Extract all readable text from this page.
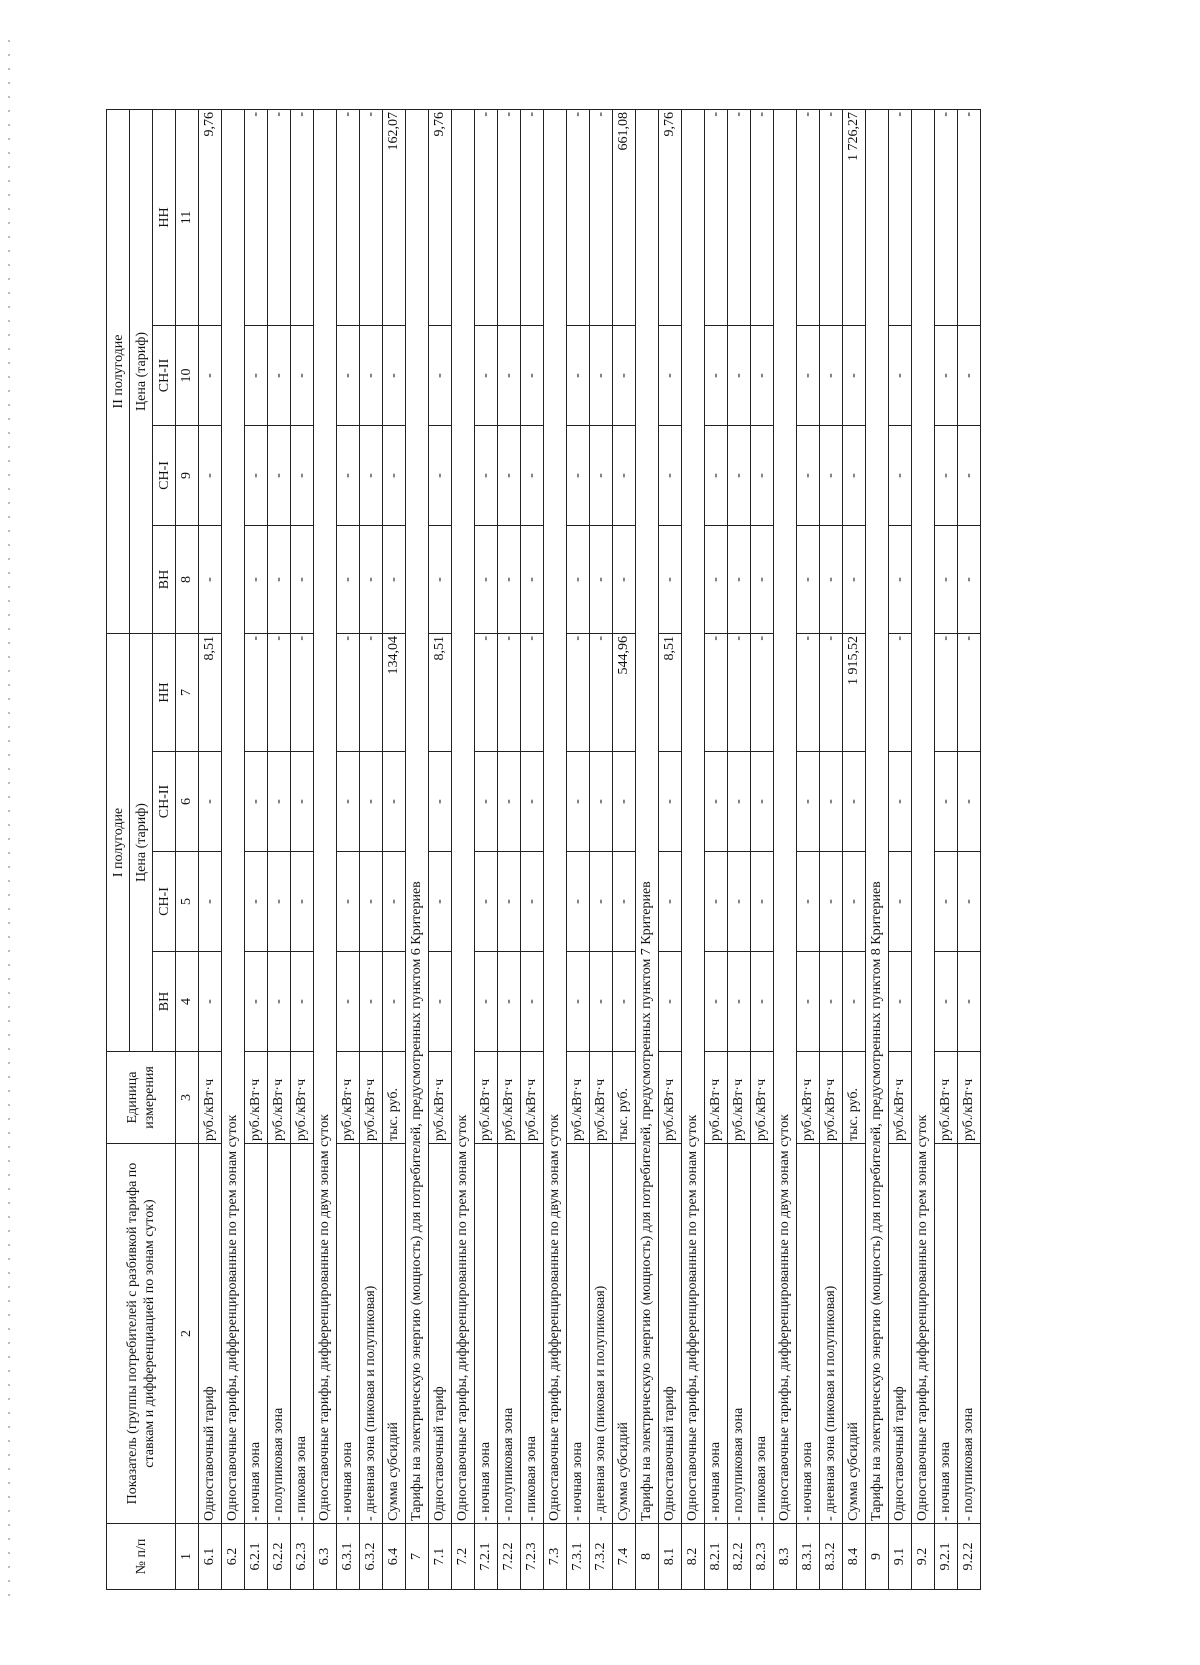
№ п/п	Показатель (группы потребителей с разбивкой тарифа по ставкам и дифференциацией по зонам суток)	Единица измерения	I полугодие				II полугодие			
			Цена (тариф)				Цена (тариф)			
			ВН	СН-I	СН-II	НН	ВН	СН-I	СН-II	НН
1	2	3	4	5	6	7	8	9	10	11
6.1	Одноставочный тариф	руб./кВт·ч	-	-	-	8,51	-	-	-	9,76
6.2	Одноставочные тарифы, дифференцированные по трем зонам суток									
6.2.1	- ночная зона	руб./кВт·ч	-	-	-	-	-	-	-	-
6.2.2	- полупиковая зона	руб./кВт·ч	-	-	-	-	-	-	-	-
6.2.3	- пиковая зона	руб./кВт·ч	-	-	-	-	-	-	-	-
6.3	Одноставочные тарифы, дифференцированные по двум зонам суток									
6.3.1	- ночная зона	руб./кВт·ч	-	-	-	-	-	-	-	-
6.3.2	- дневная зона (пиковая и полупиковая)	руб./кВт·ч	-	-	-	-	-	-	-	-
6.4	Сумма субсидий	тыс. руб.	-	-	-	134,04	-	-	-	162,07
7	Тарифы на электрическую энергию (мощность) для потребителей, предусмотренных пунктом 6 Критериев									
7.1	Одноставочный тариф	руб./кВт·ч	-	-	-	8,51	-	-	-	9,76
7.2	Одноставочные тарифы, дифференцированные по трем зонам суток									
7.2.1	- ночная зона	руб./кВт·ч	-	-	-	-	-	-	-	-
7.2.2	- полупиковая зона	руб./кВт·ч	-	-	-	-	-	-	-	-
7.2.3	- пиковая зона	руб./кВт·ч	-	-	-	-	-	-	-	-
7.3	Одноставочные тарифы, дифференцированные по двум зонам суток									
7.3.1	- ночная зона	руб./кВт·ч	-	-	-	-	-	-	-	-
7.3.2	- дневная зона (пиковая и полупиковая)	руб./кВт·ч	-	-	-	-	-	-	-	-
7.4	Сумма субсидий	тыс. руб.	-	-	-	544,96	-	-	-	661,08
8	Тарифы на электрическую энергию (мощность) для потребителей, предусмотренных пунктом 7 Критериев									
8.1	Одноставочный тариф	руб./кВт·ч	-	-	-	8,51	-	-	-	9,76
8.2	Одноставочные тарифы, дифференцированные по трем зонам суток									
8.2.1	- ночная зона	руб./кВт·ч	-	-	-	-	-	-	-	-
8.2.2	- полупиковая зона	руб./кВт·ч	-	-	-	-	-	-	-	-
8.2.3	- пиковая зона	руб./кВт·ч	-	-	-	-	-	-	-	-
8.3	Одноставочные тарифы, дифференцированные по двум зонам суток									
8.3.1	- ночная зона	руб./кВт·ч	-	-	-	-	-	-	-	-
8.3.2	- дневная зона (пиковая и полупиковая)	руб./кВт·ч	-	-	-	-	-	-	-	-
8.4	Сумма субсидий	тыс. руб.	-	-	-	1 915,52	-	-	-	1 726,27
9	Тарифы на электрическую энергию (мощность) для потребителей, предусмотренных пунктом 8 Критериев									
9.1	Одноставочный тариф	руб./кВт·ч	-	-	-	-	-	-	-	-
9.2	Одноставочные тарифы, дифференцированные по трем зонам суток									
9.2.1	- ночная зона	руб./кВт·ч	-	-	-	-	-	-	-	-
9.2.2	- полупиковая зона	руб./кВт·ч	-	-	-	-	-	-	-	-
